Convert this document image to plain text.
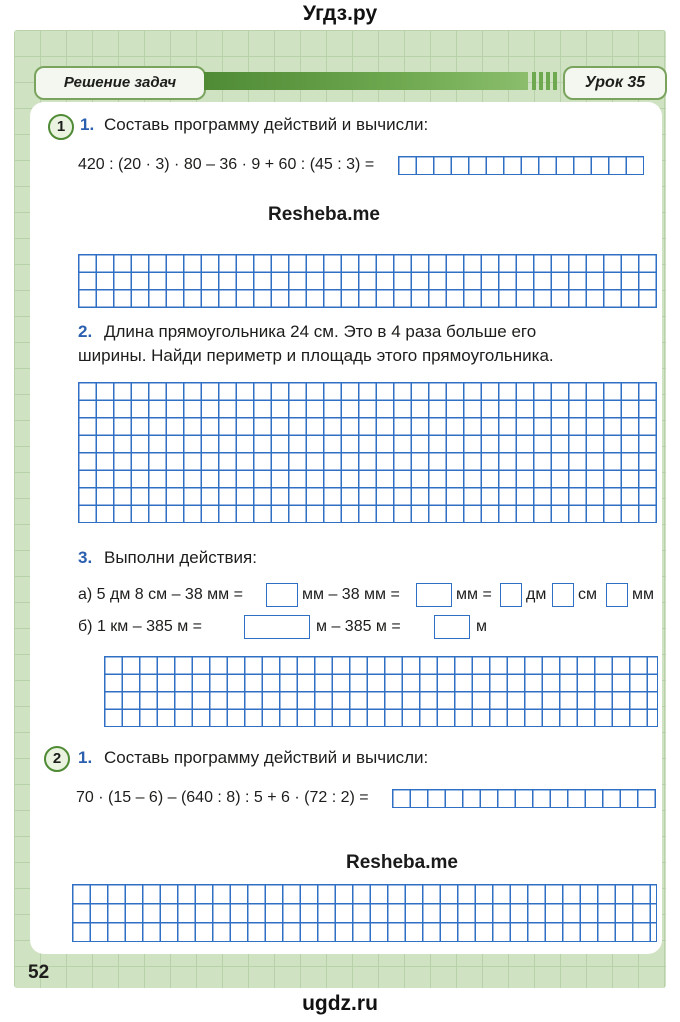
Угдз.ру
Решение задач	Урок 35
1 1. Составь программу действий и вычисли:
420 : (20 · 3) · 80 – 36 · 9 + 60 : (45 : 3) =
Resheba.me
2. Длина прямоугольника 24 см. Это в 4 раза больше его
ширины. Найди периметр и площадь этого прямоугольника.
3. Выполни действия:
а) 5 дм 8 см – 38 мм =	мм – 38 мм =	мм = дм см мм
б) 1 км – 385 м =	м – 385 м =	м
2 1. Составь программу действий и вычисли:
70 · (15 – 6) – (640 : 8) : 5 + 6 · (72 : 2) =
Resheba.me
52
ugdz.ru
